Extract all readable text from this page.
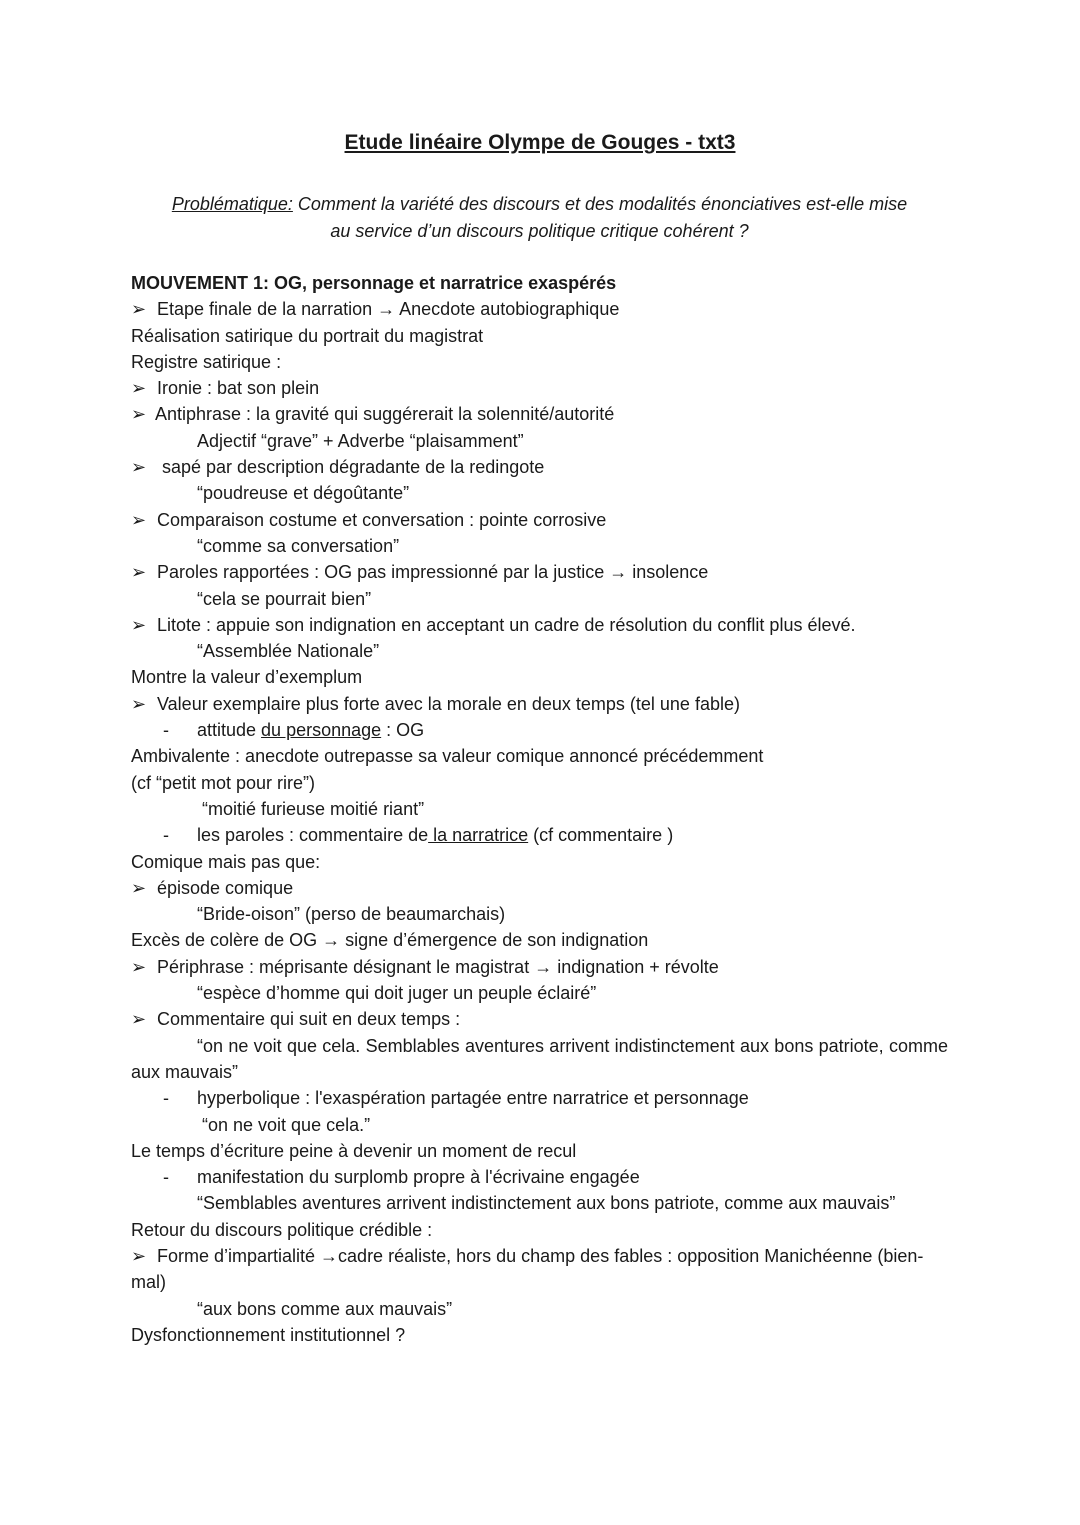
Etude linéaire Olympe de Gouges - txt3
Problématique: Comment la variété des discours et des modalités énonciatives est-elle mise
au service d’un discours politique critique cohérent ?
MOUVEMENT 1: OG, personnage et narratrice exaspérés
➢ Etape finale de la narration → Anecdote autobiographique
Réalisation satirique du portrait du magistrat
Registre satirique :
➢ Ironie : bat son plein
➢ Antiphrase : la gravité qui suggérerait la solennité/autorité
Adjectif “grave” + Adverbe “plaisamment”
➢ sapé par description dégradante de la redingote
“poudreuse et dégoûtante”
➢ Comparaison costume et conversation : pointe corrosive
“comme sa conversation”
➢ Paroles rapportées : OG pas impressionné par la justice → insolence
“cela se pourrait bien”
➢ Litote : appuie son indignation en acceptant un cadre de résolution du conflit plus élevé.
“Assemblée Nationale”
Montre la valeur d’exemplum
➢ Valeur exemplaire plus forte avec la morale en deux temps (tel une fable)
- attitude du personnage : OG
Ambivalente : anecdote outrepasse sa valeur comique annoncé précédemment
(cf “petit mot pour rire”)
“moitié furieuse moitié riant”
- les paroles : commentaire de la narratrice (cf commentaire )
Comique mais pas que:
➢ épisode comique
“Bride-oison” (perso de beaumarchais)
Excès de colère de OG → signe d’émergence de son indignation
➢ Périphrase : méprisante désignant le magistrat → indignation + révolte
“espèce d’homme qui doit juger un peuple éclairé”
➢ Commentaire qui suit en deux temps :
“on ne voit que cela. Semblables aventures arrivent indistinctement aux bons patriote, comme aux mauvais”
- hyperbolique : l'exaspération partagée entre narratrice et personnage
“on ne voit que cela.”
Le temps d’écriture peine à devenir un moment de recul
- manifestation du surplomb propre à l'écrivaine engagée
“Semblables aventures arrivent indistinctement aux bons patriote, comme aux mauvais”
Retour du discours politique crédible :
➢ Forme d’impartialité →cadre réaliste, hors du champ des fables : opposition Manichéenne (bien-mal)
“aux bons comme aux mauvais”
Dysfonctionnement institutionnel ?
